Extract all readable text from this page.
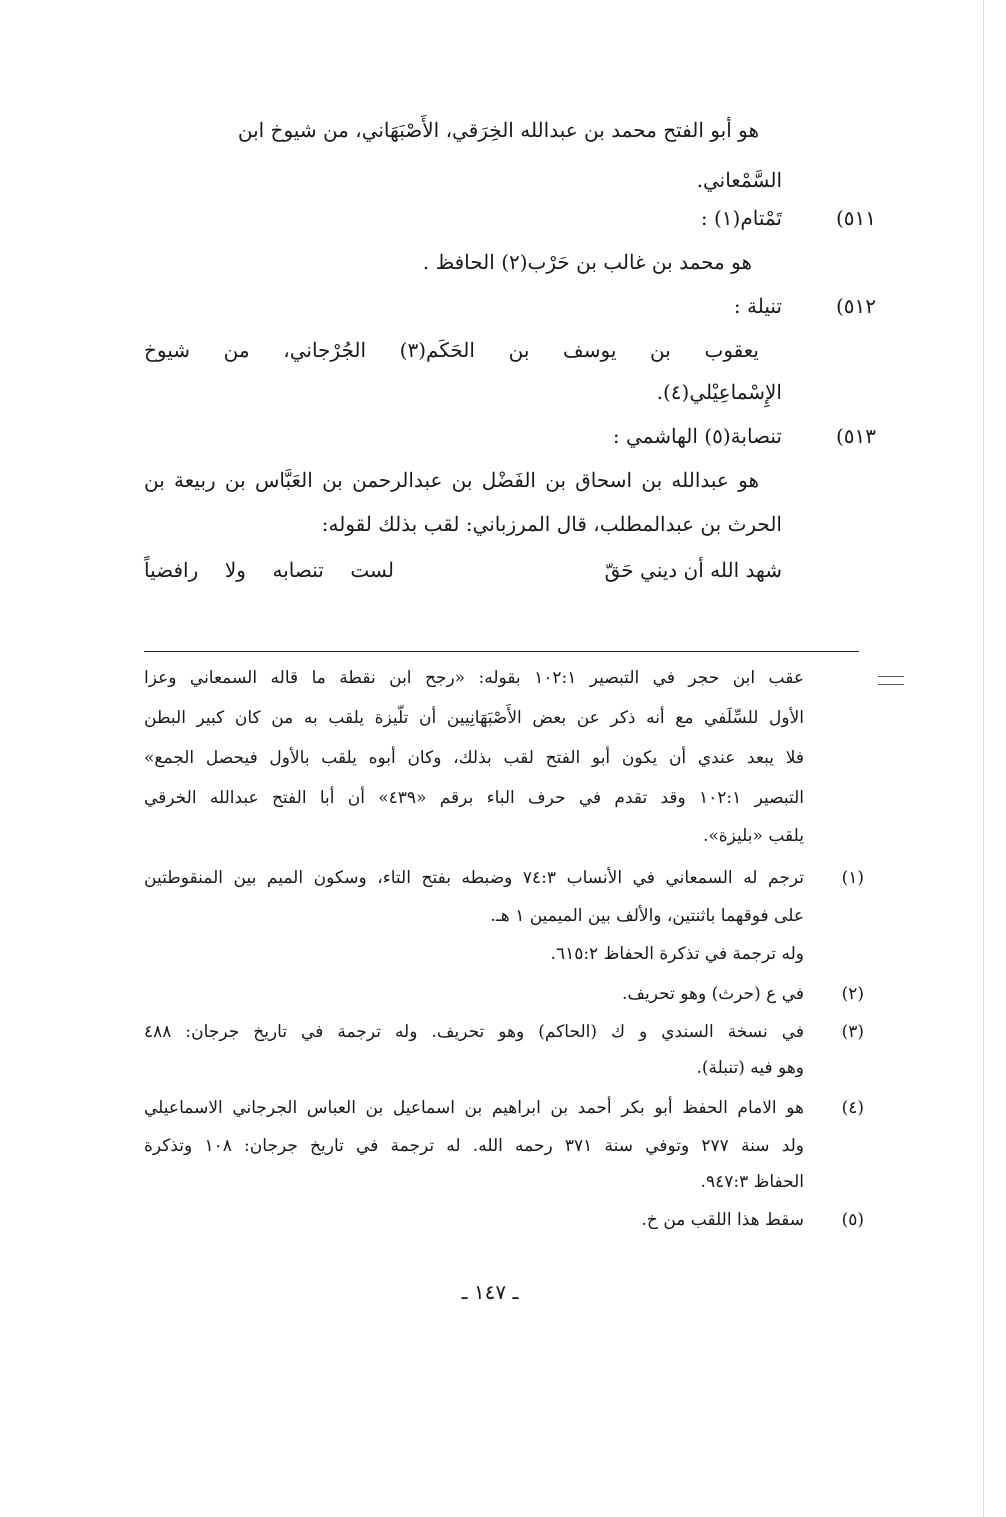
هو أبو الفتح محمد بن عبدالله الخِرَقي، الأَصْبَهَاني، من شيوخ ابن
السَّمْعاني.
٥١١)
تَمْتام(١) :
هو محمد بن غالب بن حَرْب(٢) الحافظ .
٥١٢)
تنيلة :
يعقوب بن يوسف بن الحَكَم(٣) الجُرْجاني، من شيوخ
الإِسْماعِيْلي(٤).
٥١٣)
تنصابة(٥) الهاشمي :
هو عبدالله بن اسحاق بن الفَضْل بن عبدالرحمن بن العَبَّاس بن ربيعة بن
الحرث بن عبدالمطلب، قال المرزباني: لقب بذلك لقوله:
شهد الله أن ديني حَقّ
لست تنصابه ولا رافضياً
عقب ابن حجر في التبصير ١٠٢:١ بقوله: «رجح ابن نقطة ما قاله السمعاني وعزا
الأول للسِّلَفي مع أنه ذكر عن بعض الأَصْبَهَانِيين أن تلّيزة يلقب به من كان كبير البطن
فلا يبعد عندي أن يكون أبو الفتح لقب بذلك، وكان أبوه يلقب بالأول فيحصل الجمع»
التبصير ١٠٢:١ وقد تقدم في حرف الباء برقم «٤٣٩» أن أبا الفتح عبدالله الخرقي
يلقب «بليزة».
(١)
ترجم له السمعاني في الأنساب ٧٤:٣ وضبطه بفتح التاء، وسكون الميم بين المنقوطتين
على فوقهما باثنتين، والألف بين الميمين ١ هـ.
وله ترجمة في تذكرة الحفاظ ٦١٥:٢.
(٢)
في ع (حرث) وهو تحريف.
(٣)
في نسخة السندي و ك (الحاكم) وهو تحريف. وله ترجمة في تاريخ جرجان: ٤٨٨
وهو فيه (تنبلة).
(٤)
هو الامام الحفظ أبو بكر أحمد بن ابراهيم بن اسماعيل بن العباس الجرجاني الاسماعيلي
ولد سنة ٢٧٧ وتوفي سنة ٣٧١ رحمه الله. له ترجمة في تاريخ جرجان: ١٠٨ وتذكرة
الحفاظ ٩٤٧:٣.
(٥)
سقط هذا اللقب من خ.
ـ ١٤٧ ـ
